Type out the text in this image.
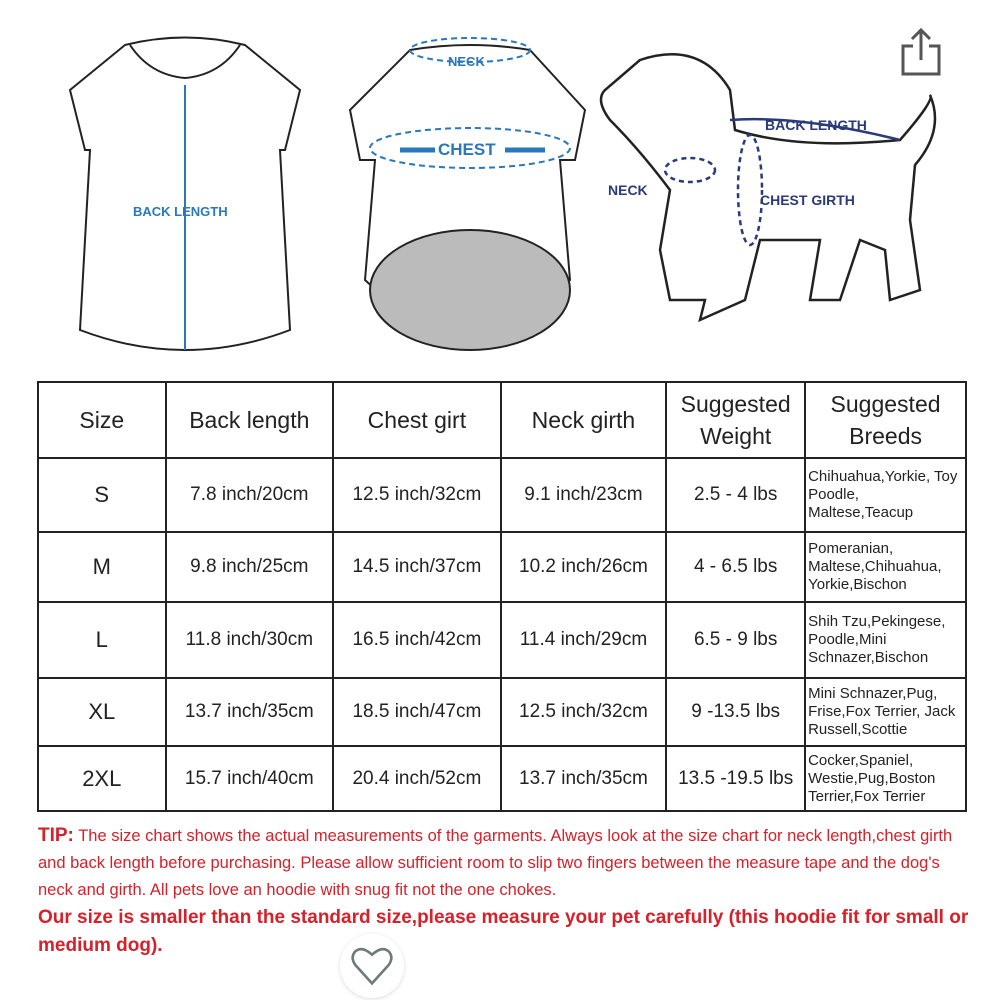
BACK LENGTH
NECK
CHEST
BACK LENGTH
NECK
CHEST GIRTH
Size	Back length	Chest girt	Neck girth	Suggested Weight	Suggested Breeds
S	7.8 inch/20cm	12.5 inch/32cm	9.1 inch/23cm	2.5 - 4 lbs	Chihuahua,Yorkie, Toy Poodle, Maltese,Teacup
M	9.8 inch/25cm	14.5 inch/37cm	10.2 inch/26cm	4 - 6.5 lbs	Pomeranian, Maltese,Chihuahua, Yorkie,Bischon
L	11.8 inch/30cm	16.5 inch/42cm	11.4 inch/29cm	6.5 - 9 lbs	Shih Tzu,Pekingese, Poodle,Mini Schnazer,Bischon
XL	13.7 inch/35cm	18.5 inch/47cm	12.5 inch/32cm	9 -13.5 lbs	Mini Schnazer,Pug, Frise,Fox Terrier, Jack Russell,Scottie
2XL	15.7 inch/40cm	20.4 inch/52cm	13.7 inch/35cm	13.5 -19.5 lbs	Cocker,Spaniel, Westie,Pug,Boston Terrier,Fox Terrier
TIP: The size chart shows the actual measurements of the garments. Always look at the size chart for neck length,chest girth and back length before purchasing. Please allow sufficient room to slip two fingers between the measure tape and the dog's neck and girth. All pets love an hoodie with snug fit not the one chokes.
Our size is smaller than the standard size,please measure your pet carefully (this hoodie fit for small or medium dog).
